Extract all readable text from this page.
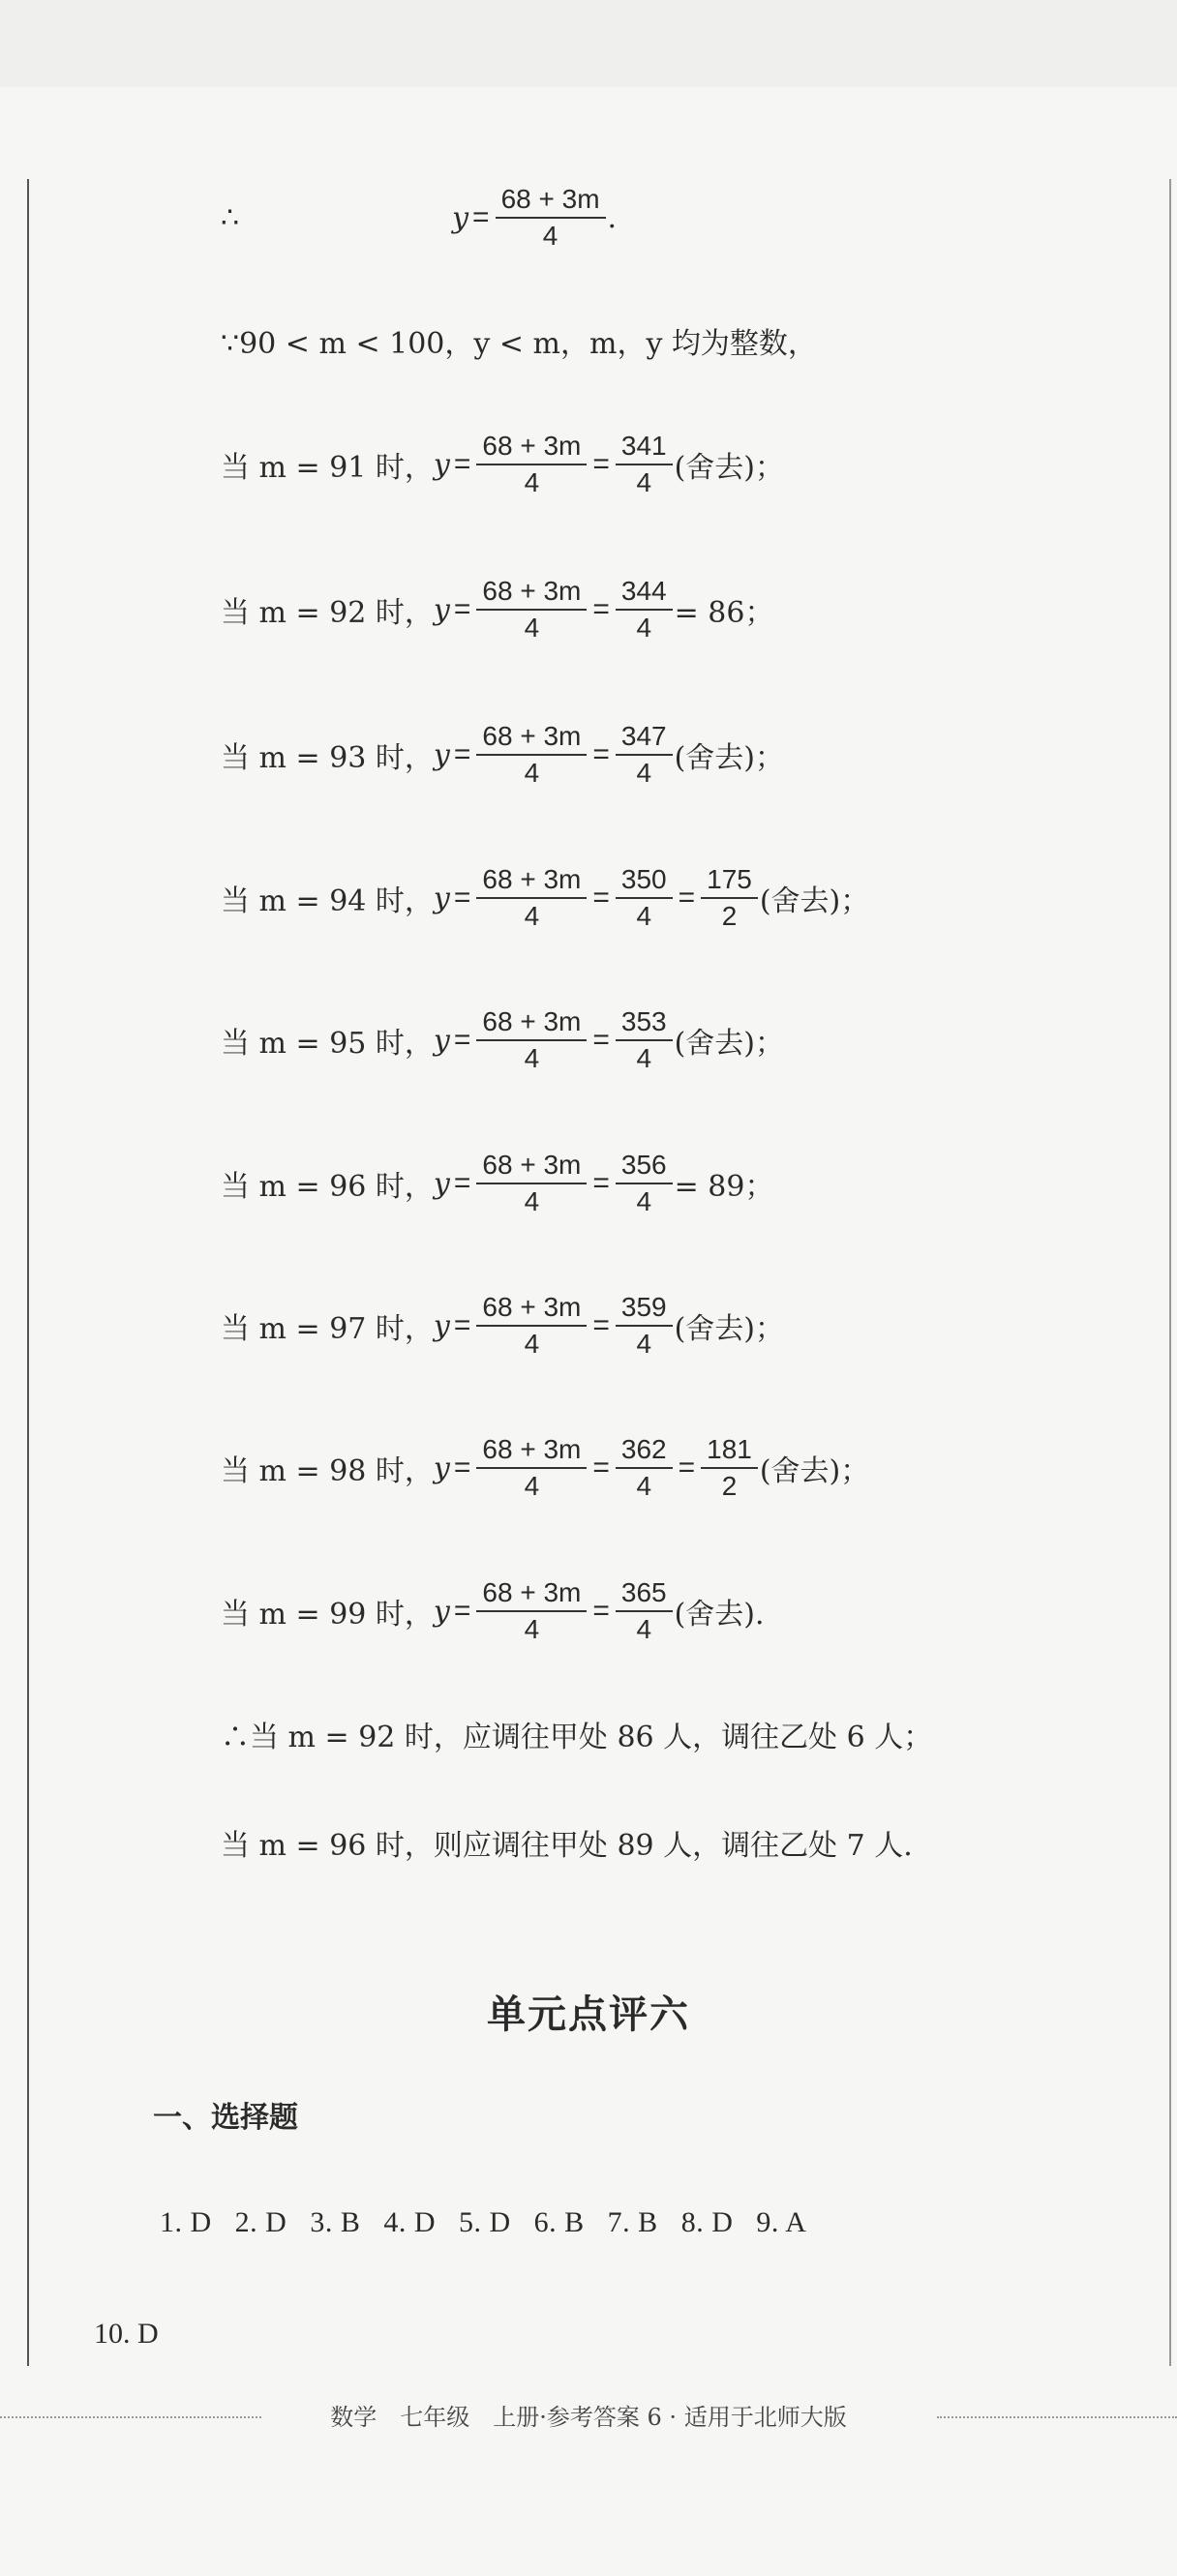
∴	$y = \frac{68 + 3m}{4}$ .
∵90 < m < 100，y < m，m，y 均为整数，
当 m = 91 时， $y = \frac{68 + 3m}{4} = \frac{341}{4}$ (舍去)；
当 m = 92 时， $y = \frac{68 + 3m}{4} = \frac{344}{4} = 86$；
当 m = 93 时， $y = \frac{68 + 3m}{4} = \frac{347}{4}$ (舍去)；
当 m = 94 时， $y = \frac{68 + 3m}{4} = \frac{350}{4} = \frac{175}{2}$ (舍去)；
当 m = 95 时， $y = \frac{68 + 3m}{4} = \frac{353}{4}$ (舍去)；
当 m = 96 时， $y = \frac{68 + 3m}{4} = \frac{356}{4} = 89$；
当 m = 97 时， $y = \frac{68 + 3m}{4} = \frac{359}{4}$ (舍去)；
当 m = 98 时， $y = \frac{68 + 3m}{4} = \frac{362}{4} = \frac{181}{2}$ (舍去)；
当 m = 99 时， $y = \frac{68 + 3m}{4} = \frac{365}{4}$ (舍去).
∴当 m = 92 时，应调往甲处 86 人，调往乙处 6 人；
当 m = 96 时，则应调往甲处 89 人，调往乙处 7 人.
单元点评六
一、选择题
1. D   2. D   3. B   4. D   5. D   6. B   7. B   8. D   9. A
10. D
数学　七年级　上册·参考答案 6 · 适用于北师大版
